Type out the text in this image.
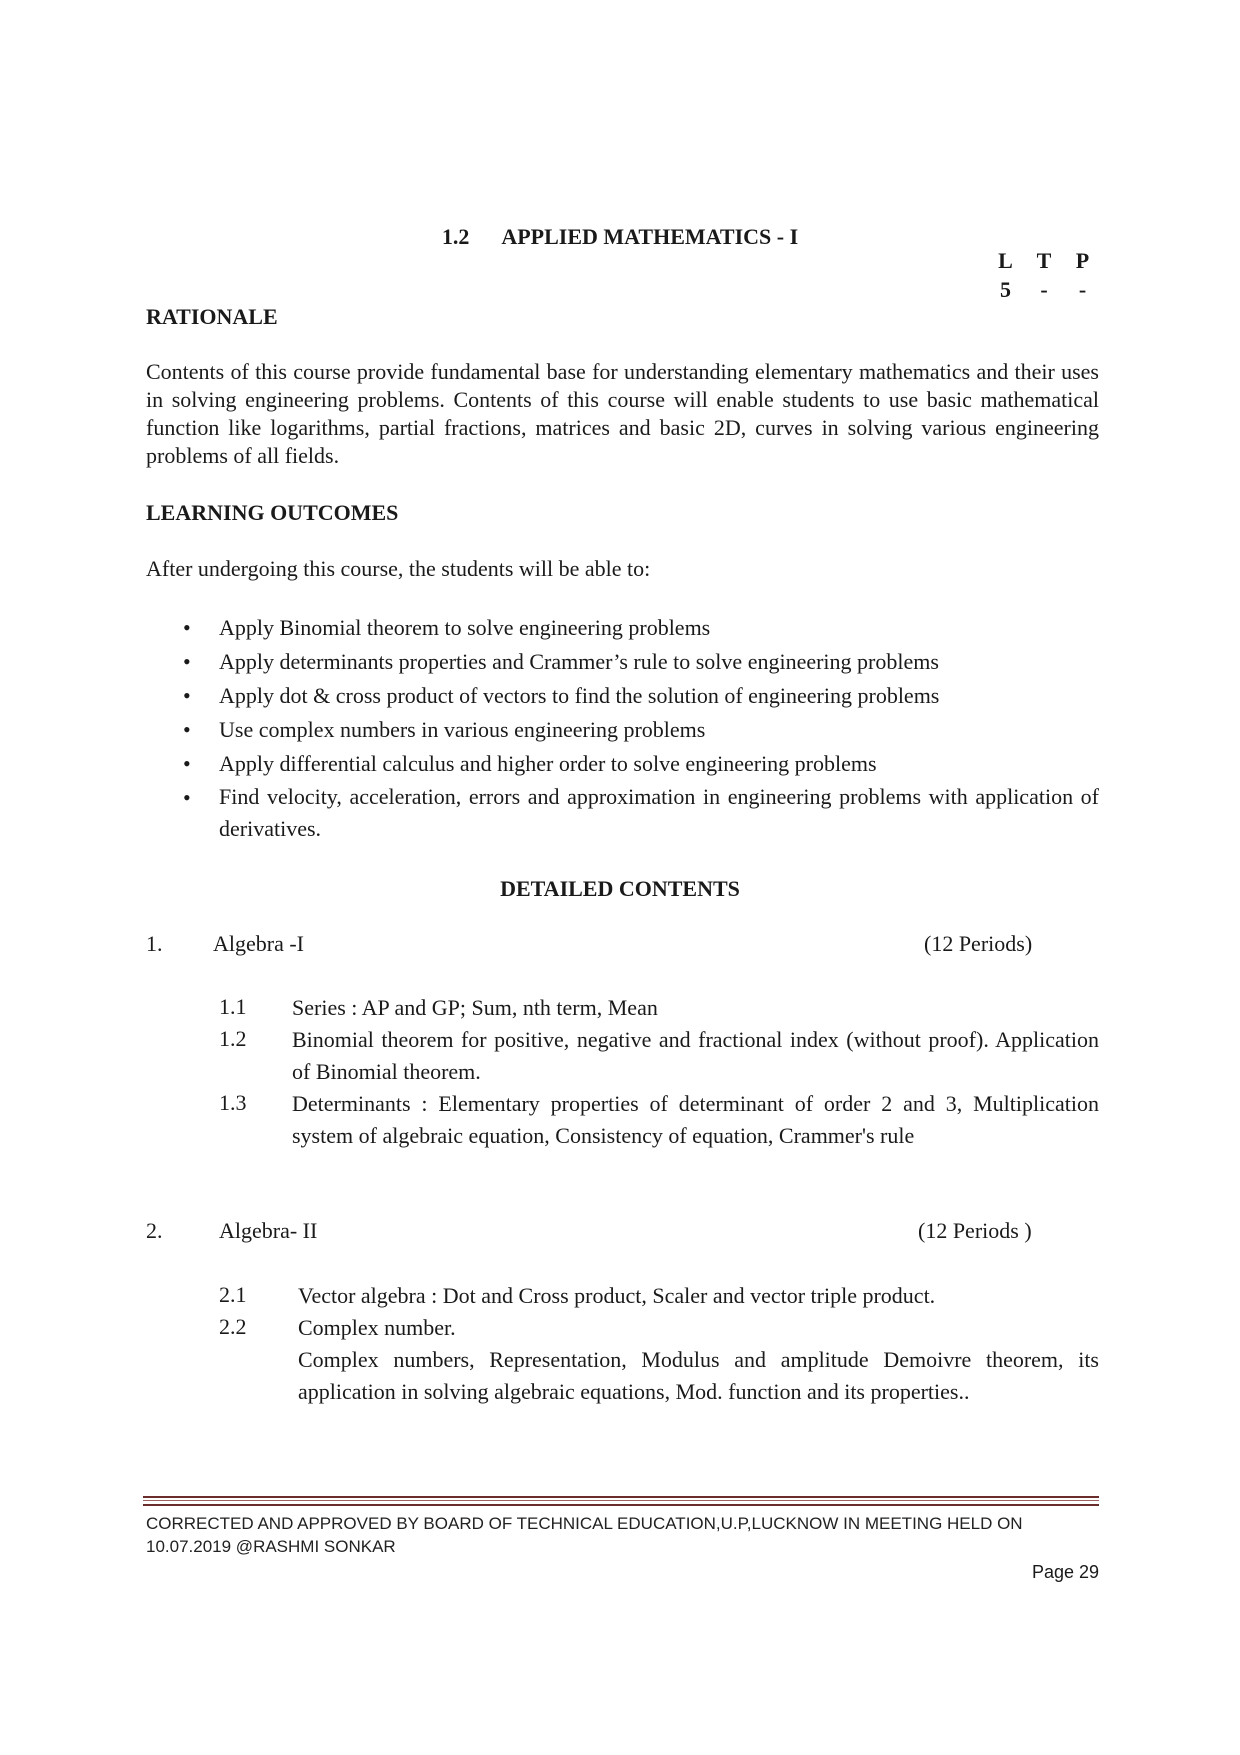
1.2 APPLIED MATHEMATICS - I
L	T	P
5	-	-
RATIONALE
Contents of this course provide fundamental base for understanding elementary mathematics and their uses in solving engineering problems. Contents of this course will enable students to use basic mathematical function like logarithms, partial fractions, matrices and basic 2D, curves in solving various engineering problems of all fields.
LEARNING OUTCOMES
After undergoing this course, the students will be able to:
• Apply Binomial theorem to solve engineering problems
• Apply determinants properties and Crammer’s rule to solve engineering problems
• Apply dot & cross product of vectors to find the solution of engineering problems
• Use complex numbers in various engineering problems
• Apply differential calculus and higher order to solve engineering problems
• Find velocity, acceleration, errors and approximation in engineering problems with application of derivatives.
DETAILED CONTENTS
1. Algebra -I	(12 Periods)
1.1 Series : AP and GP; Sum, nth term, Mean
1.2 Binomial theorem for positive, negative and fractional index (without proof). Application of Binomial theorem.
1.3 Determinants : Elementary properties of determinant of order 2 and 3, Multiplication system of algebraic equation, Consistency of equation, Crammer's rule
2.	Algebra- II	(12 Periods )
2.1 Vector algebra : Dot and Cross product, Scaler and vector triple product.
2.2 Complex number.
Complex numbers, Representation, Modulus and amplitude Demoivre theorem, its application in solving algebraic equations, Mod. function and its properties..
CORRECTED AND APPROVED BY BOARD OF TECHNICAL EDUCATION,U.P,LUCKNOW IN MEETING HELD ON
10.07.2019 @RASHMI SONKAR
Page 29
